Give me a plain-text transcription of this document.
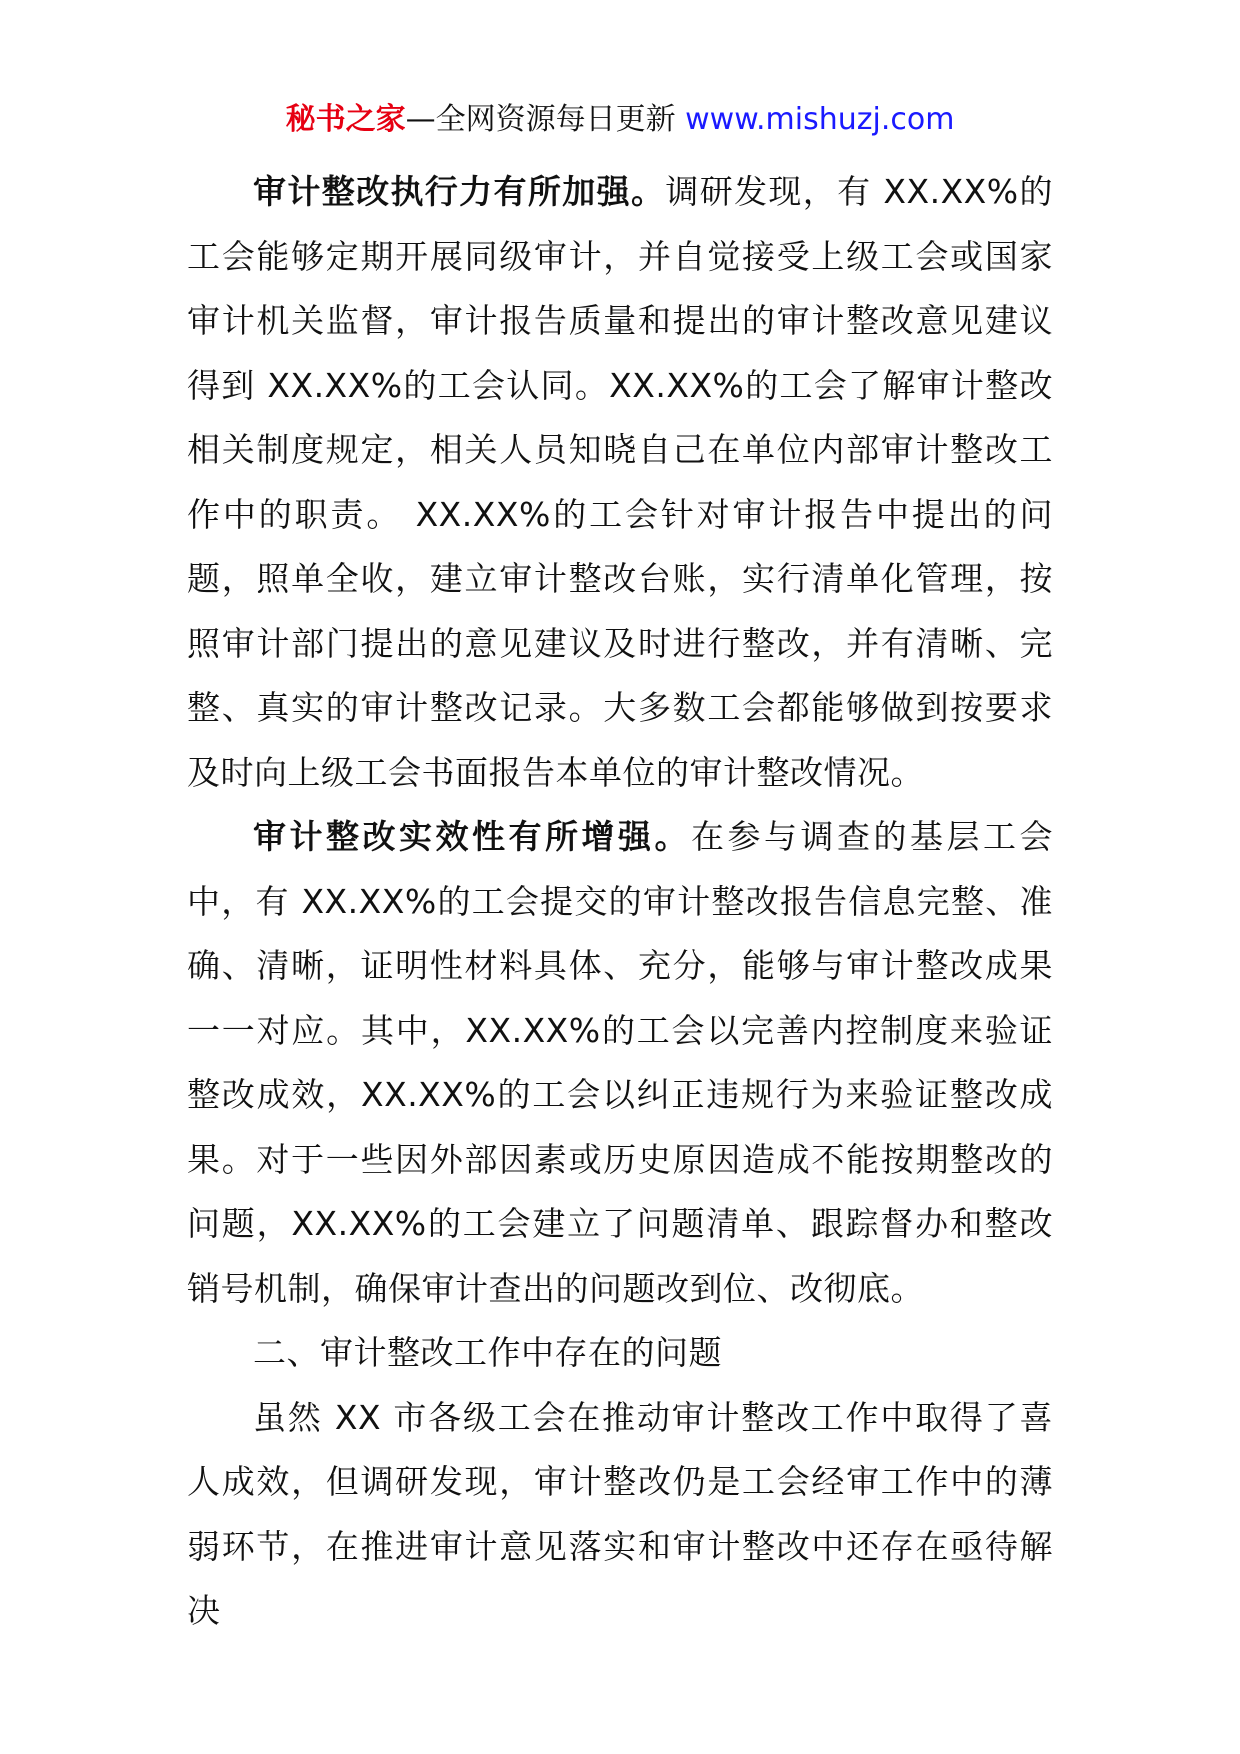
秘书之家—全网资源每日更新 www.mishuzj.com

审计整改执行力有所加强。调研发现，有 XX.XX%的工会能够定期开展同级审计，并自觉接受上级工会或国家审计机关监督，审计报告质量和提出的审计整改意见建议得到 XX.XX%的工会认同。XX.XX%的工会了解审计整改相关制度规定，相关人员知晓自己在单位内部审计整改工作中的职责。 XX.XX%的工会针对审计报告中提出的问题，照单全收，建立审计整改台账，实行清单化管理，按照审计部门提出的意见建议及时进行整改，并有清晰、完整、真实的审计整改记录。大多数工会都能够做到按要求及时向上级工会书面报告本单位的审计整改情况。

审计整改实效性有所增强。在参与调查的基层工会中，有 XX.XX%的工会提交的审计整改报告信息完整、准确、清晰，证明性材料具体、充分，能够与审计整改成果一一对应。其中，XX.XX%的工会以完善内控制度来验证整改成效，XX.XX%的工会以纠正违规行为来验证整改成果。对于一些因外部因素或历史原因造成不能按期整改的问题，XX.XX%的工会建立了问题清单、跟踪督办和整改销号机制，确保审计查出的问题改到位、改彻底。

二、审计整改工作中存在的问题

虽然 XX 市各级工会在推动审计整改工作中取得了喜人成效，但调研发现，审计整改仍是工会经审工作中的薄弱环节，在推进审计意见落实和审计整改中还存在亟待解决
